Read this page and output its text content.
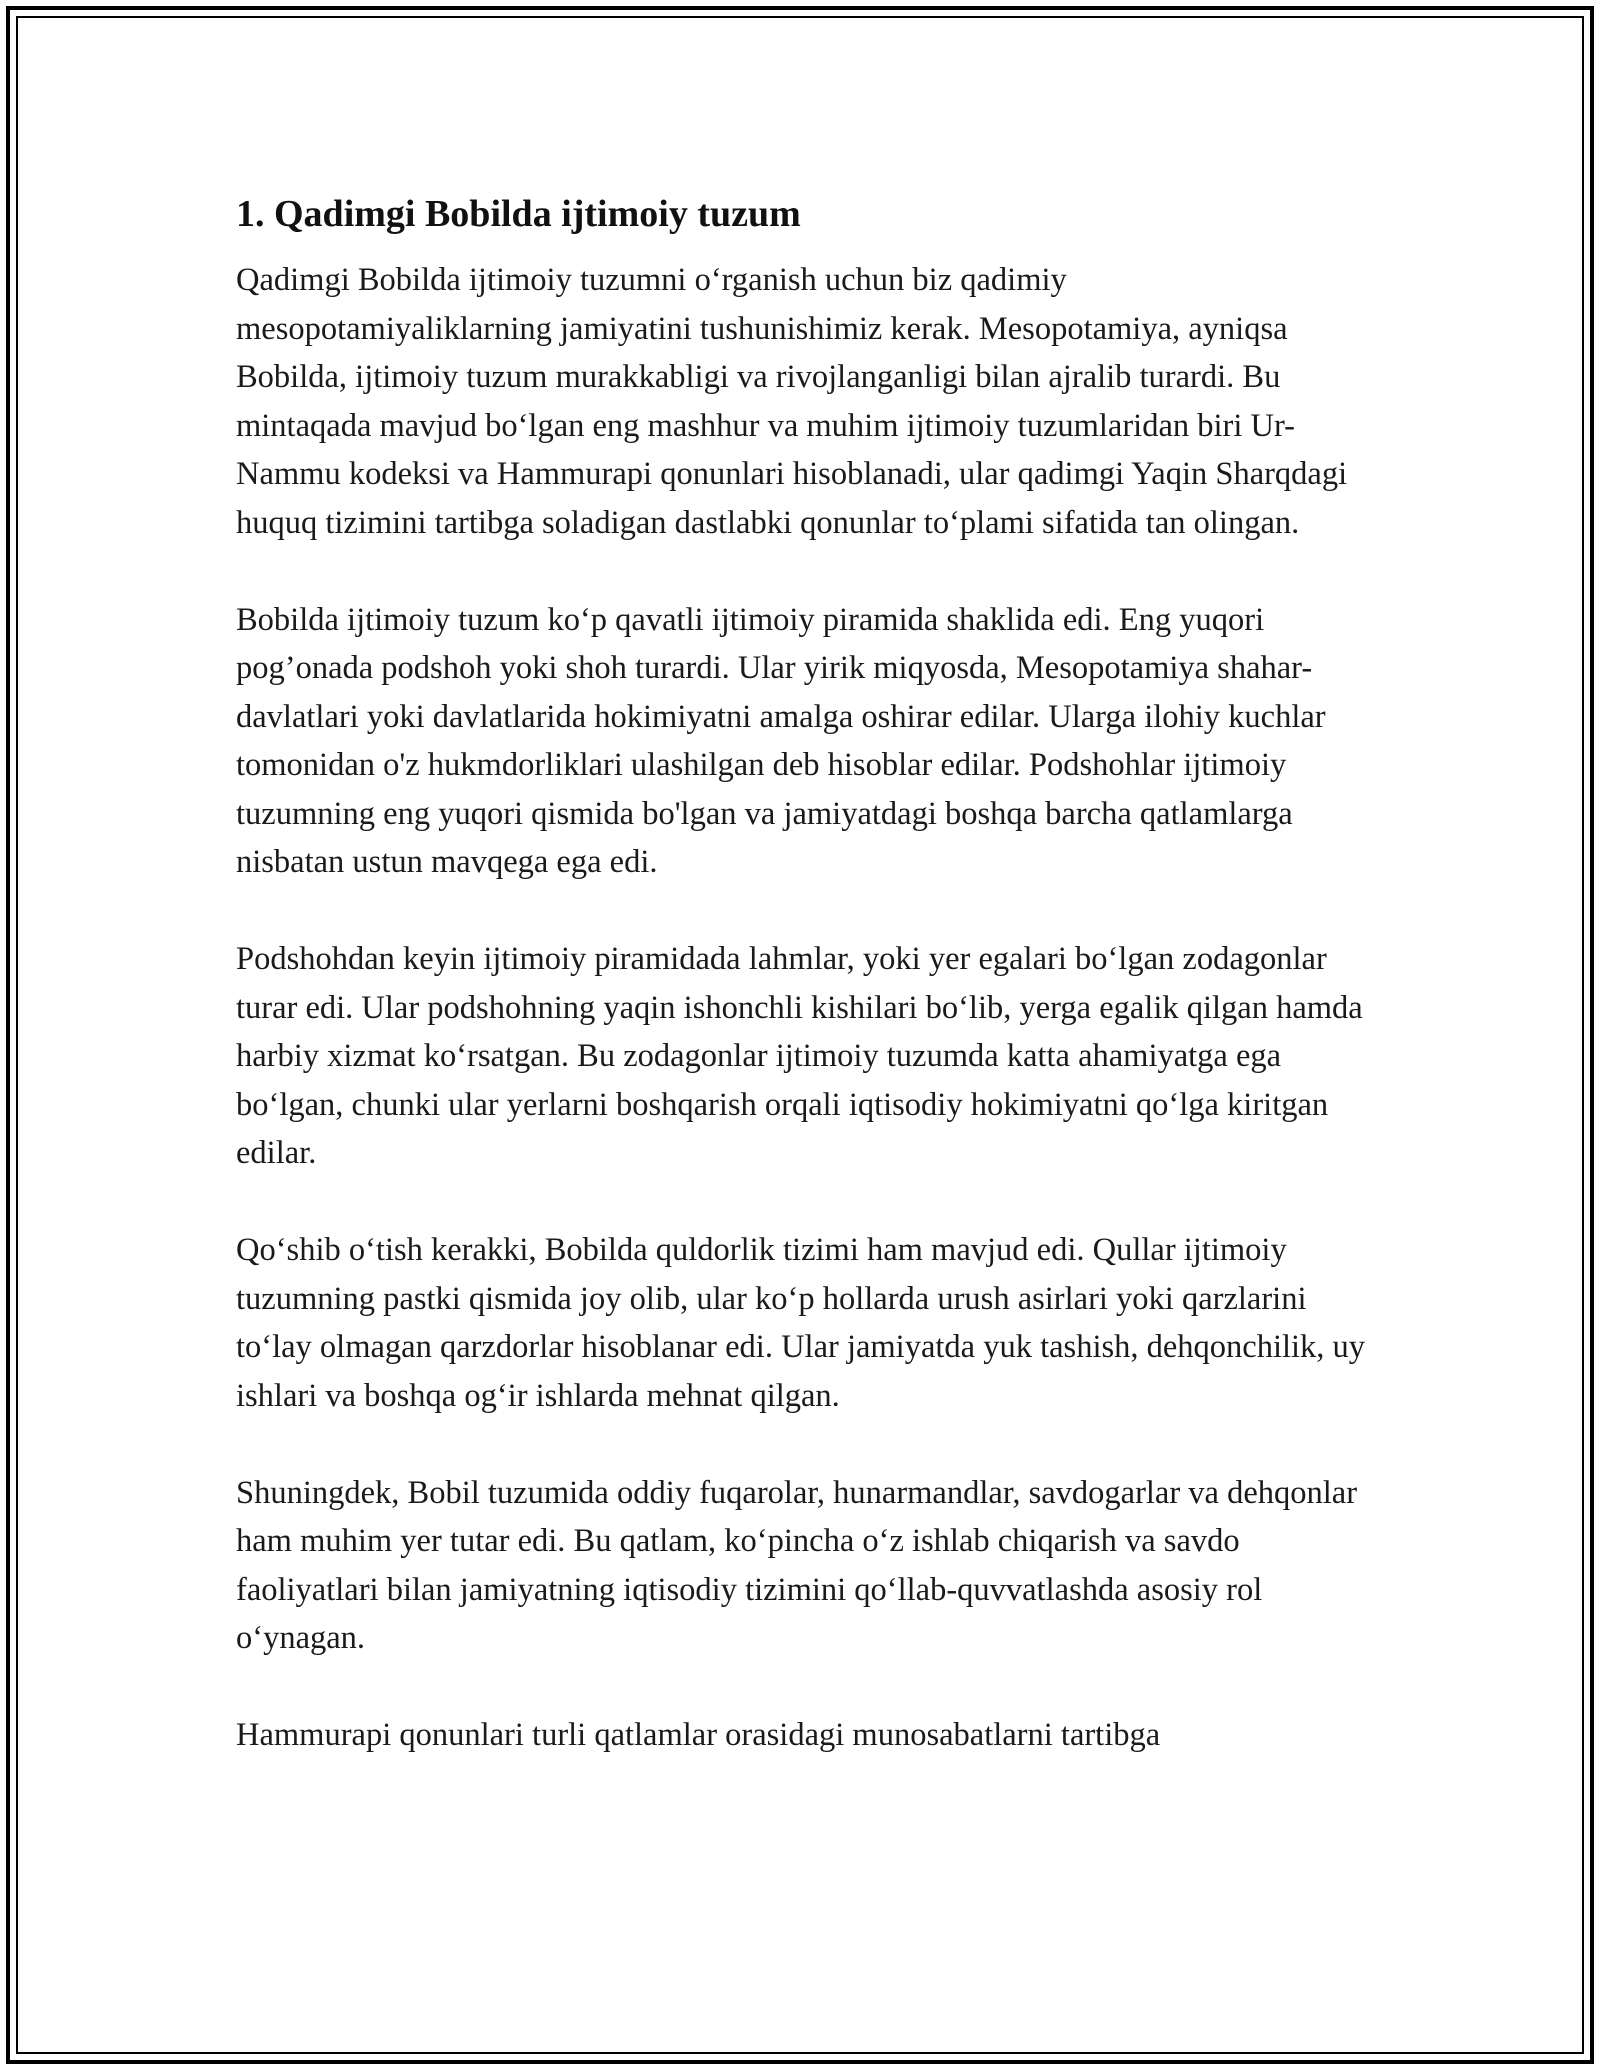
1. Qadimgi Bobilda ijtimoiy tuzum

Qadimgi Bobilda ijtimoiy tuzumni o‘rganish uchun biz qadimiy mesopotamiyaliklarning jamiyatini tushunishimiz kerak. Mesopotamiya, ayniqsa Bobilda, ijtimoiy tuzum murakkabligi va rivojlanganligi bilan ajralib turardi. Bu mintaqada mavjud bo‘lgan eng mashhur va muhim ijtimoiy tuzumlaridan biri Ur-Nammu kodeksi va Hammurapi qonunlari hisoblanadi, ular qadimgi Yaqin Sharqdagi huquq tizimini tartibga soladigan dastlabki qonunlar to‘plami sifatida tan olingan.

Bobilda ijtimoiy tuzum ko‘p qavatli ijtimoiy piramida shaklida edi. Eng yuqori pog’onada podshoh yoki shoh turardi. Ular yirik miqyosda, Mesopotamiya shahar-davlatlari yoki davlatlarida hokimiyatni amalga oshirar edilar. Ularga ilohiy kuchlar tomonidan o'z hukmdorliklari ulashilgan deb hisoblar edilar. Podshohlar ijtimoiy tuzumning eng yuqori qismida bo'lgan va jamiyatdagi boshqa barcha qatlamlarga nisbatan ustun mavqega ega edi.

Podshohdan keyin ijtimoiy piramidada lahmlar, yoki yer egalari bo‘lgan zodagonlar turar edi. Ular podshohning yaqin ishonchli kishilari bo‘lib, yerga egalik qilgan hamda harbiy xizmat ko‘rsatgan. Bu zodagonlar ijtimoiy tuzumda katta ahamiyatga ega bo‘lgan, chunki ular yerlarni boshqarish orqali iqtisodiy hokimiyatni qo‘lga kiritgan edilar.

Qo‘shib o‘tish kerakki, Bobilda quldorlik tizimi ham mavjud edi. Qullar ijtimoiy tuzumning pastki qismida joy olib, ular ko‘p hollarda urush asirlari yoki qarzlarini to‘lay olmagan qarzdorlar hisoblanar edi. Ular jamiyatda yuk tashish, dehqonchilik, uy ishlari va boshqa og‘ir ishlarda mehnat qilgan.

Shuningdek, Bobil tuzumida oddiy fuqarolar, hunarmandlar, savdogarlar va dehqonlar ham muhim yer tutar edi. Bu qatlam, ko‘pincha o‘z ishlab chiqarish va savdo faoliyatlari bilan jamiyatning iqtisodiy tizimini qo‘llab-quvvatlashda asosiy rol o‘ynagan.

Hammurapi qonunlari turli qatlamlar orasidagi munosabatlarni tartibga
